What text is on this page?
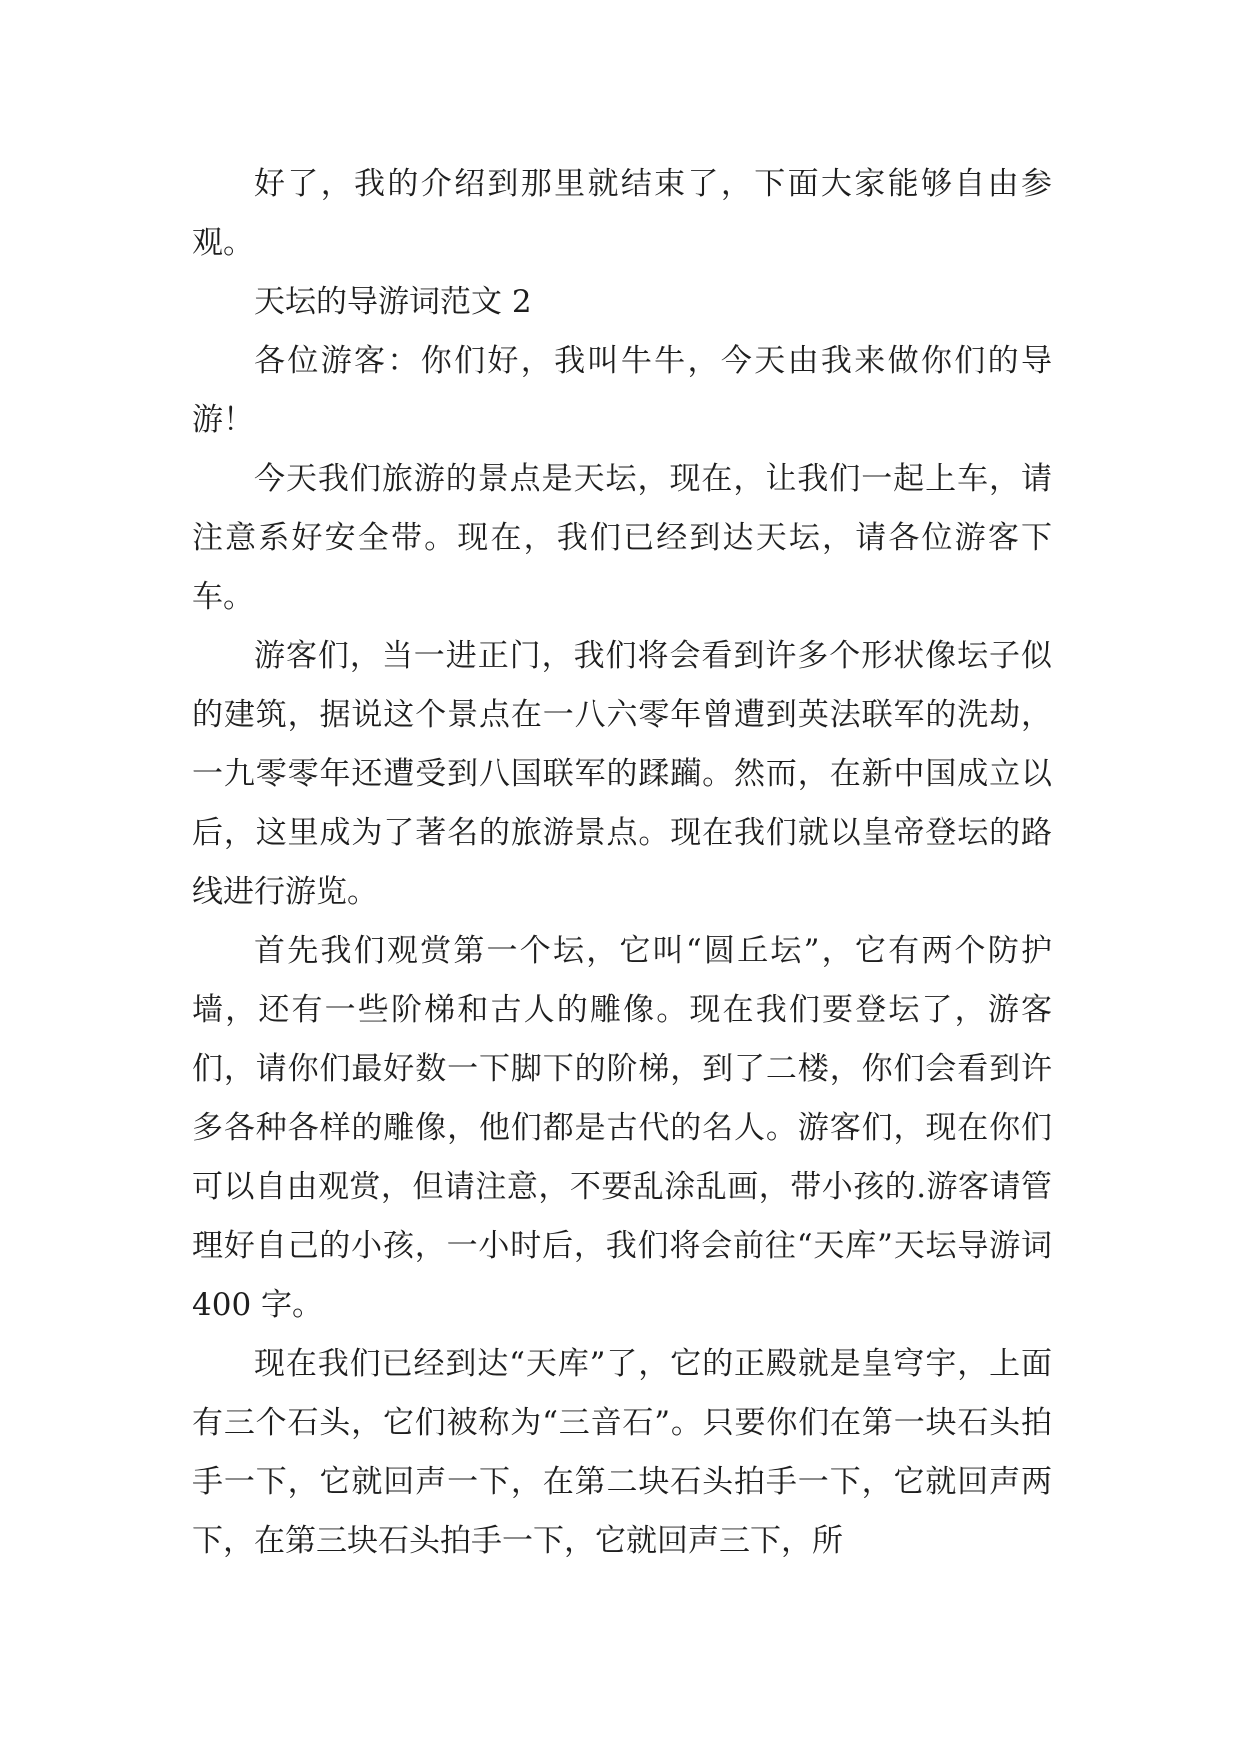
好了，我的介绍到那里就结束了，下面大家能够自由参观。

天坛的导游词范文 2

各位游客：你们好，我叫牛牛，今天由我来做你们的导游！

今天我们旅游的景点是天坛，现在，让我们一起上车，请注意系好安全带。现在，我们已经到达天坛，请各位游客下车。

游客们，当一进正门，我们将会看到许多个形状像坛子似的建筑，据说这个景点在一八六零年曾遭到英法联军的洗劫，一九零零年还遭受到八国联军的蹂躏。然而，在新中国成立以后，这里成为了著名的旅游景点。现在我们就以皇帝登坛的路线进行游览。

首先我们观赏第一个坛，它叫“圆丘坛”，它有两个防护墙，还有一些阶梯和古人的雕像。现在我们要登坛了，游客们，请你们最好数一下脚下的阶梯，到了二楼，你们会看到许多各种各样的雕像，他们都是古代的名人。游客们，现在你们可以自由观赏，但请注意，不要乱涂乱画，带小孩的.游客请管理好自己的小孩，一小时后，我们将会前往“天库”天坛导游词 400 字。

现在我们已经到达“天库”了，它的正殿就是皇穹宇，上面有三个石头，它们被称为“三音石”。只要你们在第一块石头拍手一下，它就回声一下，在第二块石头拍手一下，它就回声两下，在第三块石头拍手一下，它就回声三下，所
